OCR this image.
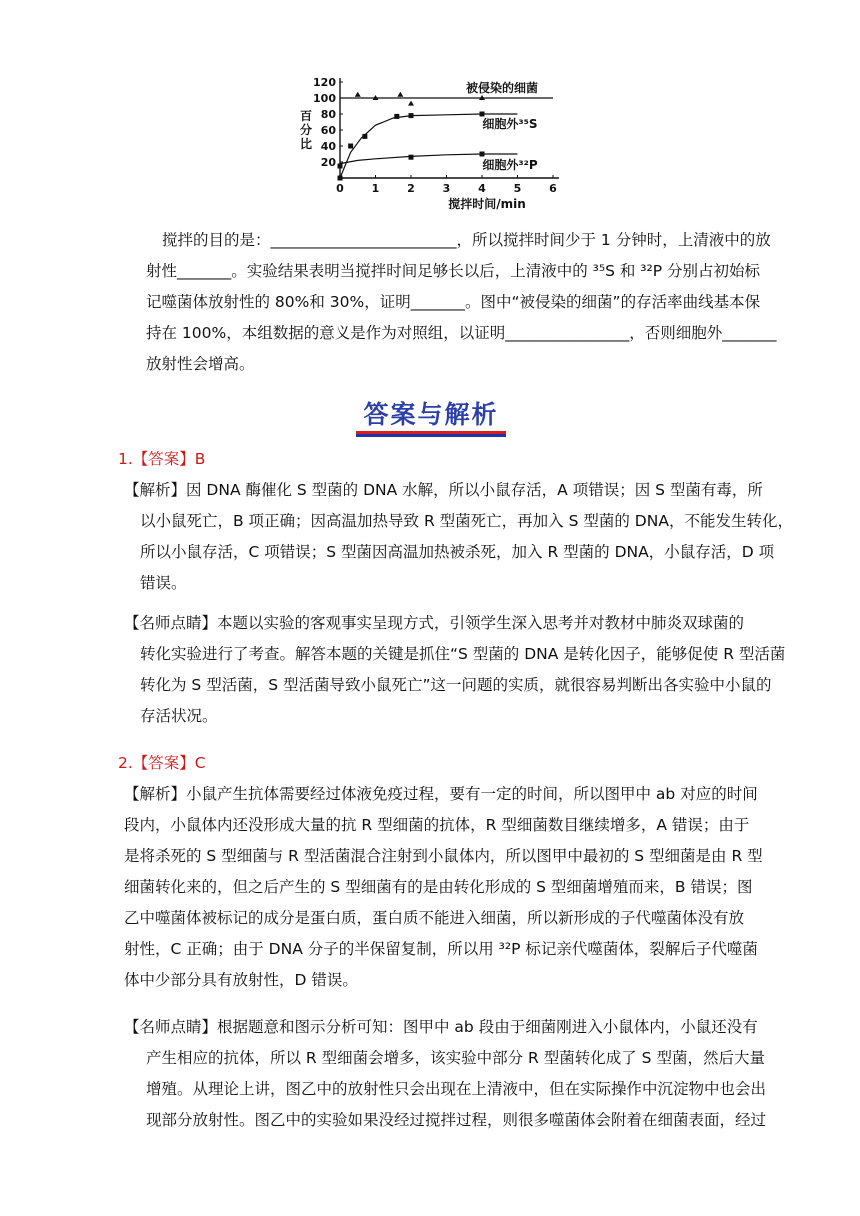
0	1	2	3	4	5	6
20
40
60
80
100
120
百
分
比
搅拌时间/min
被侵染的细菌
细胞外³⁵S
细胞外³²P
搅拌的目的是：________________________，所以搅拌时间少于 1 分钟时，上清液中的放
射性_______。实验结果表明当搅拌时间足够长以后，上清液中的 ³⁵S 和 ³²P 分别占初始标
记噬菌体放射性的 80%和 30%，证明_______。图中“被侵染的细菌”的存活率曲线基本保
持在 100%，本组数据的意义是作为对照组，以证明________________，否则细胞外_______
放射性会增高。
答案与解析
1.【答案】B
【解析】因 DNA 酶催化 S 型菌的 DNA 水解，所以小鼠存活，A 项错误；因 S 型菌有毒，所
以小鼠死亡，B 项正确；因高温加热导致 R 型菌死亡，再加入 S 型菌的 DNA，不能发生转化，
所以小鼠存活，C 项错误；S 型菌因高温加热被杀死，加入 R 型菌的 DNA，小鼠存活，D 项
错误。
【名师点睛】本题以实验的客观事实呈现方式，引领学生深入思考并对教材中肺炎双球菌的
转化实验进行了考查。解答本题的关键是抓住“S 型菌的 DNA 是转化因子，能够促使 R 型活菌
转化为 S 型活菌，S 型活菌导致小鼠死亡”这一问题的实质，就很容易判断出各实验中小鼠的
存活状况。
2.【答案】C
【解析】小鼠产生抗体需要经过体液免疫过程，要有一定的时间，所以图甲中 ab 对应的时间
段内，小鼠体内还没形成大量的抗 R 型细菌的抗体，R 型细菌数目继续增多，A 错误；由于
是将杀死的 S 型细菌与 R 型活菌混合注射到小鼠体内，所以图甲中最初的 S 型细菌是由 R 型
细菌转化来的，但之后产生的 S 型细菌有的是由转化形成的 S 型细菌增殖而来，B 错误；图
乙中噬菌体被标记的成分是蛋白质，蛋白质不能进入细菌，所以新形成的子代噬菌体没有放
射性，C 正确；由于 DNA 分子的半保留复制，所以用 ³²P 标记亲代噬菌体，裂解后子代噬菌
体中少部分具有放射性，D 错误。
【名师点睛】根据题意和图示分析可知：图甲中 ab 段由于细菌刚进入小鼠体内，小鼠还没有
产生相应的抗体，所以 R 型细菌会增多，该实验中部分 R 型菌转化成了 S 型菌，然后大量
增殖。从理论上讲，图乙中的放射性只会出现在上清液中，但在实际操作中沉淀物中也会出
现部分放射性。图乙中的实验如果没经过搅拌过程，则很多噬菌体会附着在细菌表面，经过
